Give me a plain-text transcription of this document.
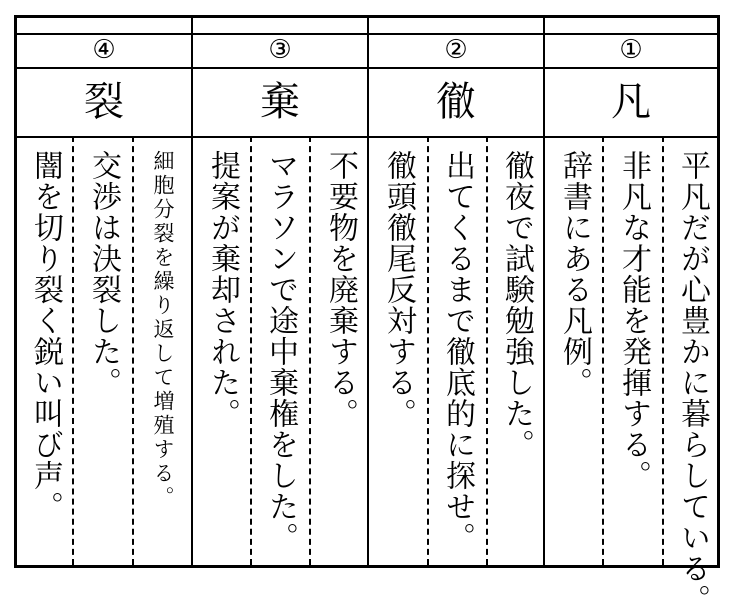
④
裂
闇を切り裂く鋭い叫び声。 交渉は決裂した。	細胞分裂を繰り返して増殖する。
③
棄
提案が棄却された。 マラソンで途中棄権をした。 不要物を廃棄する。
②
徹
徹頭徹尾反対する。 出てくるまで徹底的に探せ。 徹夜で試験勉強した。
①
凡
辞書にある凡例。 非凡な才能を発揮する。 平凡だが心豊かに暮らしている。
